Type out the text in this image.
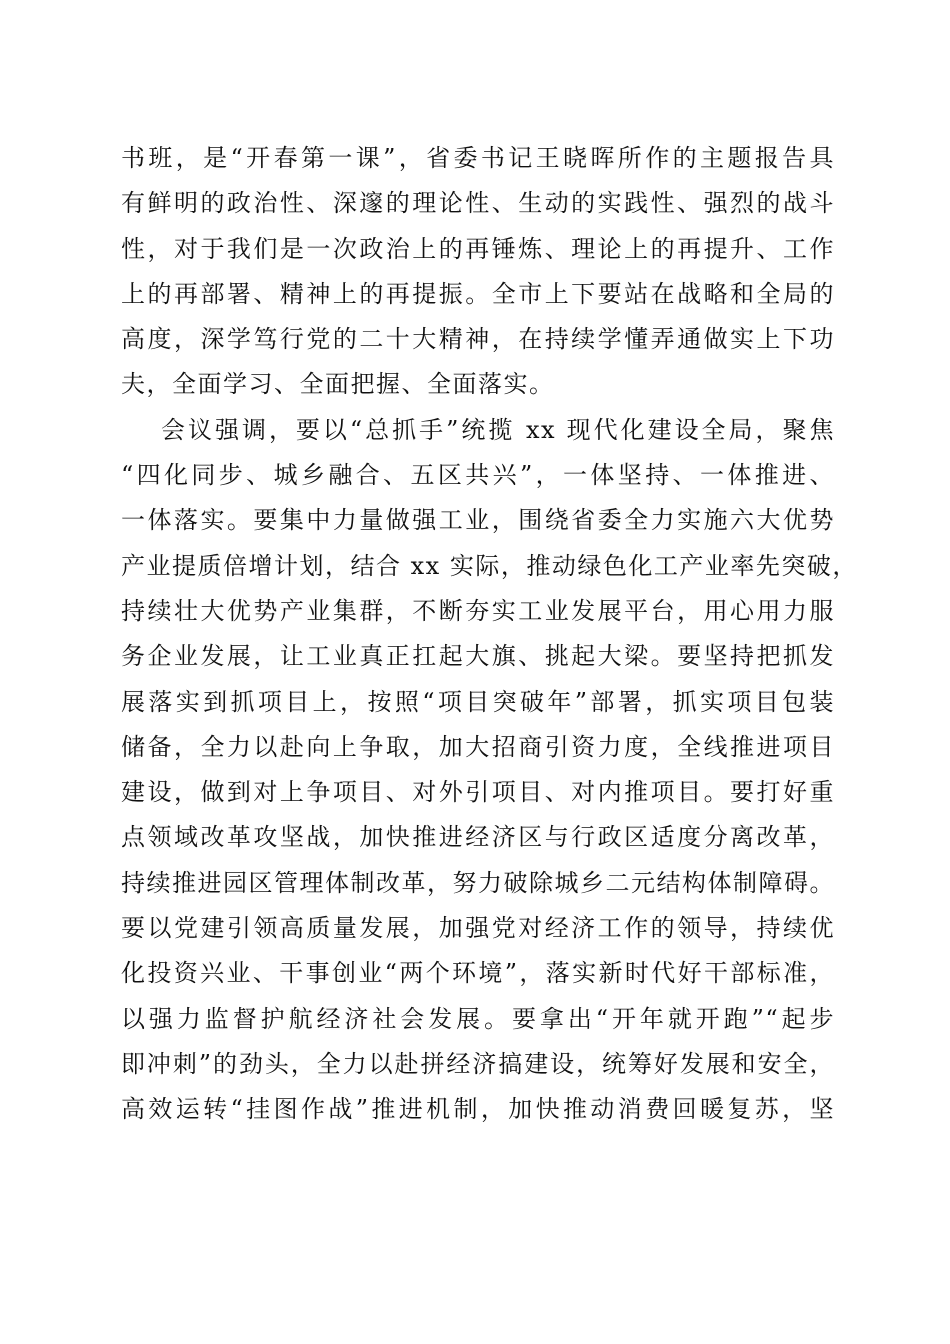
书班，是“开春第一课”，省委书记王晓晖所作的主题报告具
有鲜明的政治性、深邃的理论性、生动的实践性、强烈的战斗
性，对于我们是一次政治上的再锤炼、理论上的再提升、工作
上的再部署、精神上的再提振。全市上下要站在战略和全局的
高度，深学笃行党的二十大精神，在持续学懂弄通做实上下功
夫，全面学习、全面把握、全面落实。

会议强调，要以“总抓手”统揽 xx 现代化建设全局，聚焦
“四化同步、城乡融合、五区共兴”，一体坚持、一体推进、
一体落实。要集中力量做强工业，围绕省委全力实施六大优势
产业提质倍增计划，结合 xx 实际，推动绿色化工产业率先突破，
持续壮大优势产业集群，不断夯实工业发展平台，用心用力服
务企业发展，让工业真正扛起大旗、挑起大梁。要坚持把抓发
展落实到抓项目上，按照“项目突破年”部署，抓实项目包装
储备，全力以赴向上争取，加大招商引资力度，全线推进项目
建设，做到对上争项目、对外引项目、对内推项目。要打好重
点领域改革攻坚战，加快推进经济区与行政区适度分离改革，
持续推进园区管理体制改革，努力破除城乡二元结构体制障碍。
要以党建引领高质量发展，加强党对经济工作的领导，持续优
化投资兴业、干事创业“两个环境”，落实新时代好干部标准，
以强力监督护航经济社会发展。要拿出“开年就开跑”“起步
即冲刺”的劲头，全力以赴拼经济搞建设，统筹好发展和安全，
高效运转“挂图作战”推进机制，加快推动消费回暖复苏，坚
